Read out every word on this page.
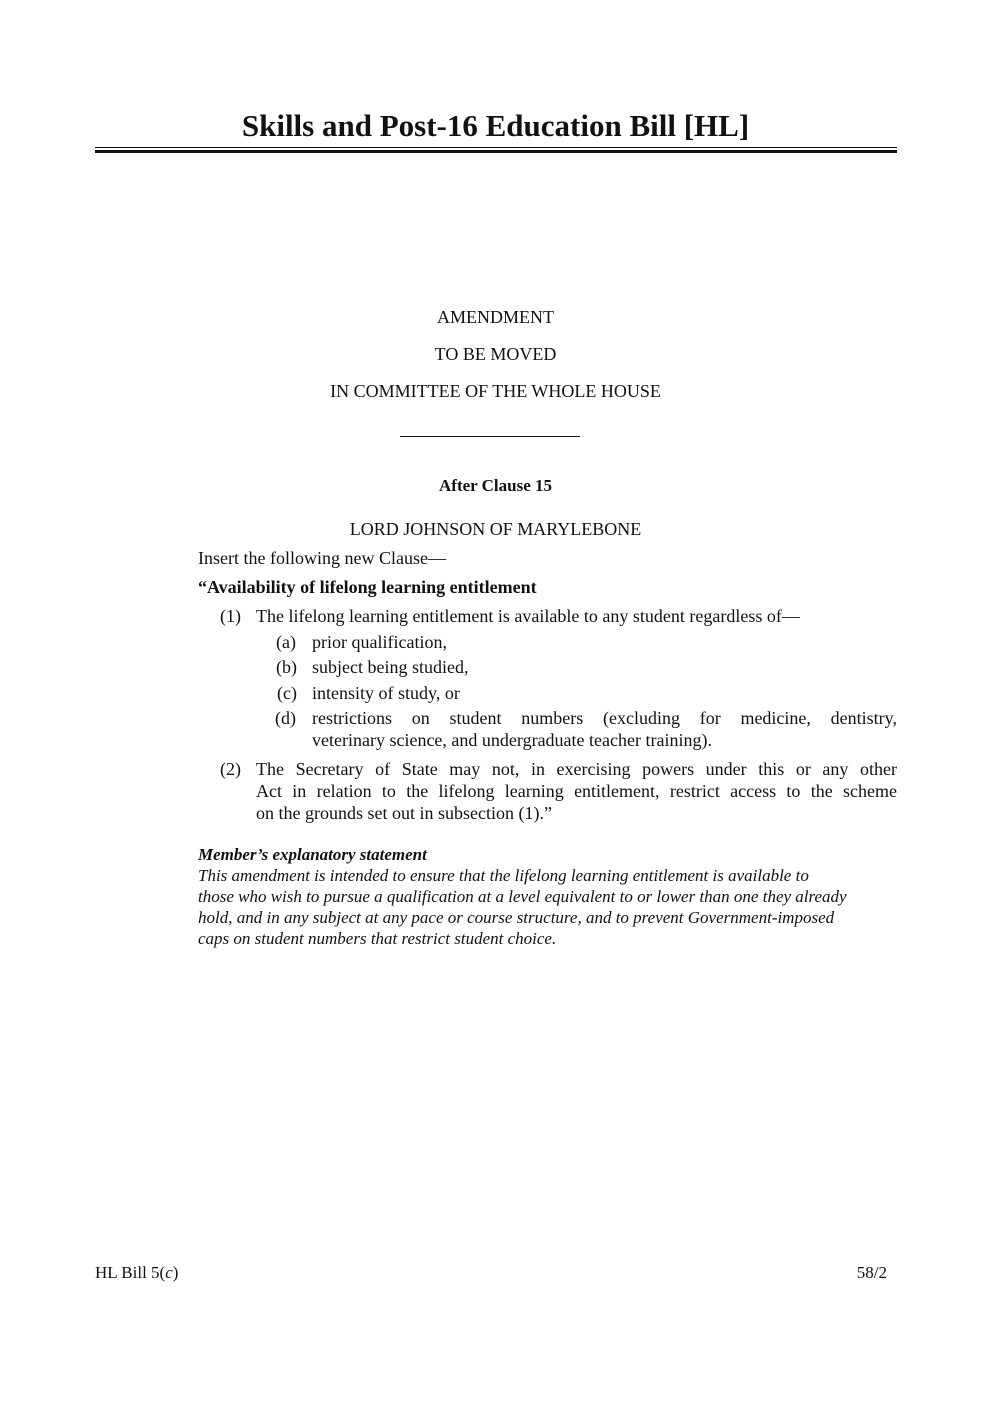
Skills and Post-16 Education Bill [HL]
AMENDMENT
TO BE MOVED
IN COMMITTEE OF THE WHOLE HOUSE
After Clause 15
LORD JOHNSON OF MARYLEBONE
Insert the following new Clause—
“Availability of lifelong learning entitlement
(1) The lifelong learning entitlement is available to any student regardless of—
(a) prior qualification,
(b) subject being studied,
(c) intensity of study, or
(d) restrictions on student numbers (excluding for medicine, dentistry,
veterinary science, and undergraduate teacher training).
(2) The Secretary of State may not, in exercising powers under this or any other
Act in relation to the lifelong learning entitlement, restrict access to the scheme
on the grounds set out in subsection (1).”
Member’s explanatory statement
This amendment is intended to ensure that the lifelong learning entitlement is available to
those who wish to pursue a qualification at a level equivalent to or lower than one they already
hold, and in any subject at any pace or course structure, and to prevent Government-imposed
caps on student numbers that restrict student choice.
HL Bill 5(c)	58/2
